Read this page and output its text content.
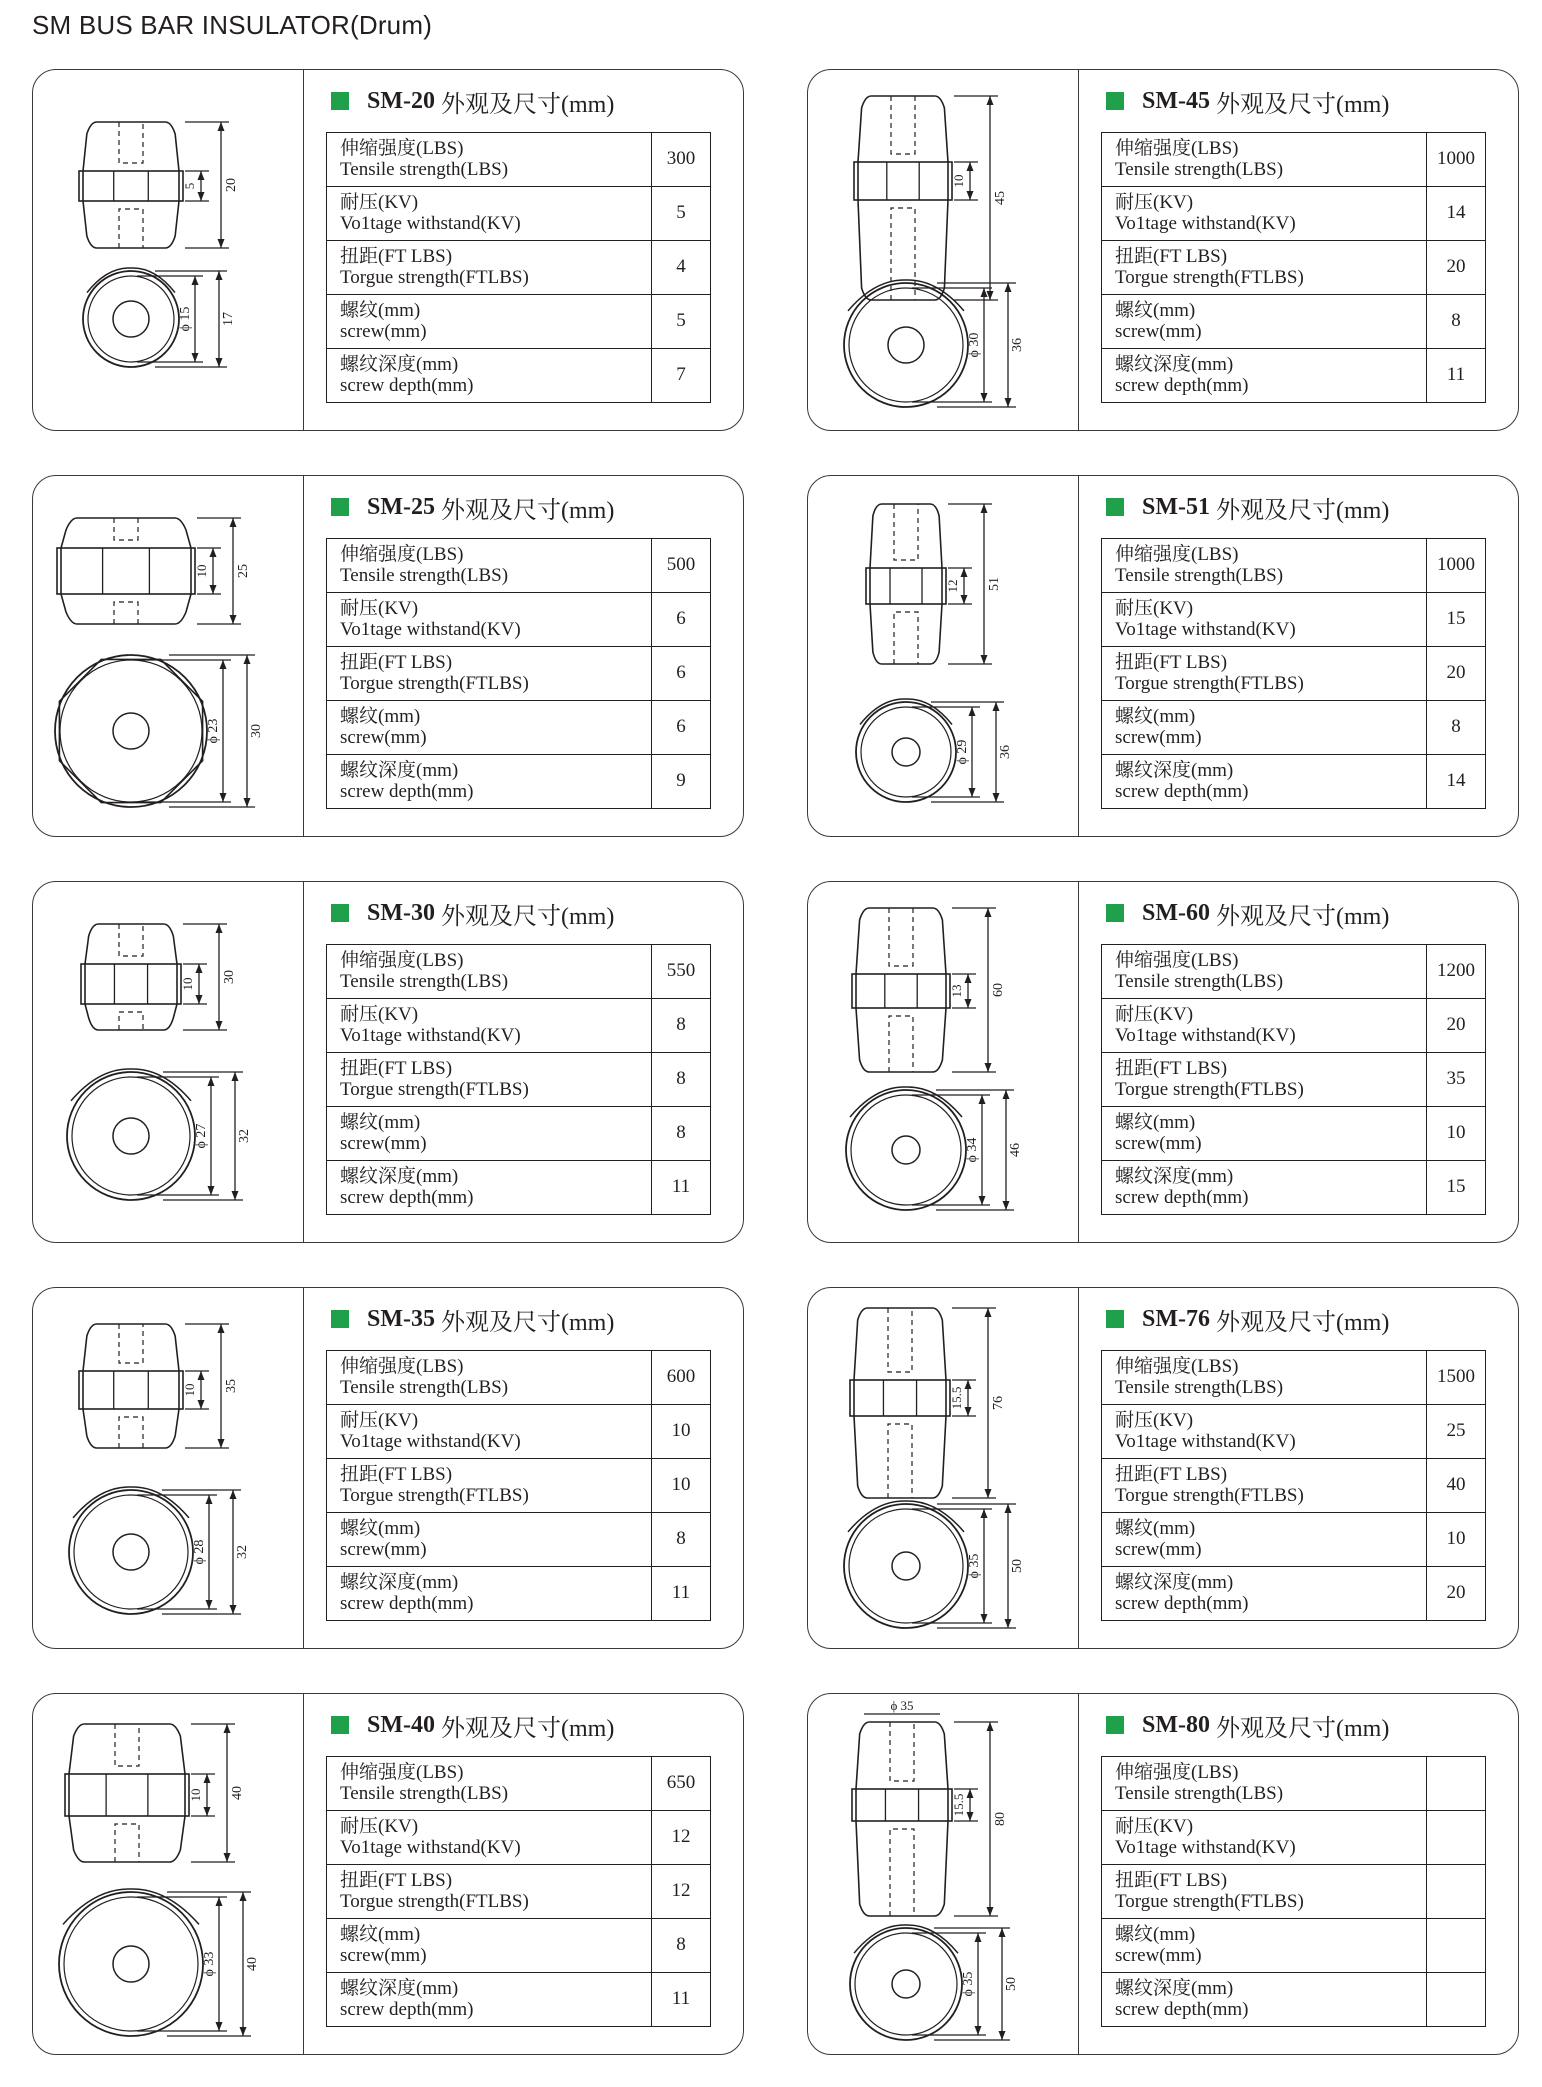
SM BUS BAR INSULATOR(Drum)
5 20
ϕ 15 17
SM-20 外观及尺寸(mm)
伸缩强度(LBS)
Tensile strength(LBS)	300

耐压(KV)
Vo1tage withstand(KV)	5

扭距(FT LBS)
Torgue strength(FTLBS)	4

螺纹(mm)
screw(mm)	5

螺纹深度(mm)
screw depth(mm)	7
10
45
ϕ 30 36
SM-45 外观及尺寸(mm)
伸缩强度(LBS)
Tensile strength(LBS)	1000

耐压(KV)
Vo1tage withstand(KV)	14

扭距(FT LBS)
Torgue strength(FTLBS)	20

螺纹(mm)
screw(mm)	8

螺纹深度(mm)
screw depth(mm)	11
10 25
ϕ 23 30
SM-25 外观及尺寸(mm)
伸缩强度(LBS)
Tensile strength(LBS)	500

耐压(KV)
Vo1tage withstand(KV)	6

扭距(FT LBS)
Torgue strength(FTLBS)	6

螺纹(mm)
screw(mm)	6

螺纹深度(mm)
screw depth(mm)	9
12 51
ϕ 29 36
SM-51 外观及尺寸(mm)
伸缩强度(LBS)
Tensile strength(LBS)	1000

耐压(KV)
Vo1tage withstand(KV)	15

扭距(FT LBS)
Torgue strength(FTLBS)	20

螺纹(mm)
screw(mm)	8

螺纹深度(mm)
screw depth(mm)	14
10 30
ϕ 27 32
SM-30 外观及尺寸(mm)
伸缩强度(LBS)
Tensile strength(LBS)	550

耐压(KV)
Vo1tage withstand(KV)	8

扭距(FT LBS)
Torgue strength(FTLBS)	8

螺纹(mm)
screw(mm)	8

螺纹深度(mm)
screw depth(mm)	11
13 60
ϕ 34 46
SM-60 外观及尺寸(mm)
伸缩强度(LBS)
Tensile strength(LBS)	1200

耐压(KV)
Vo1tage withstand(KV)	20

扭距(FT LBS)
Torgue strength(FTLBS)	35

螺纹(mm)
screw(mm)	10

螺纹深度(mm)
screw depth(mm)	15
10 35
ϕ 28 32
SM-35 外观及尺寸(mm)
伸缩强度(LBS)
Tensile strength(LBS)	600

耐压(KV)
Vo1tage withstand(KV)	10

扭距(FT LBS)
Torgue strength(FTLBS)	10

螺纹(mm)
screw(mm)	8

螺纹深度(mm)
screw depth(mm)	11
15.5 76
ϕ 35 50
SM-76 外观及尺寸(mm)
伸缩强度(LBS)
Tensile strength(LBS)	1500

耐压(KV)
Vo1tage withstand(KV)	25

扭距(FT LBS)
Torgue strength(FTLBS)	40

螺纹(mm)
screw(mm)	10

螺纹深度(mm)
screw depth(mm)	20
10 40
ϕ 33 40
SM-40 外观及尺寸(mm)
伸缩强度(LBS)
Tensile strength(LBS)	650

耐压(KV)
Vo1tage withstand(KV)	12

扭距(FT LBS)
Torgue strength(FTLBS)	12

螺纹(mm)
screw(mm)	8

螺纹深度(mm)
screw depth(mm)	11
15.5
80
ϕ 35 50
ϕ 35
SM-80 外观及尺寸(mm)
伸缩强度(LBS)
Tensile strength(LBS)	

耐压(KV)
Vo1tage withstand(KV)	

扭距(FT LBS)
Torgue strength(FTLBS)	

螺纹(mm)
screw(mm)	

螺纹深度(mm)
screw depth(mm)	
